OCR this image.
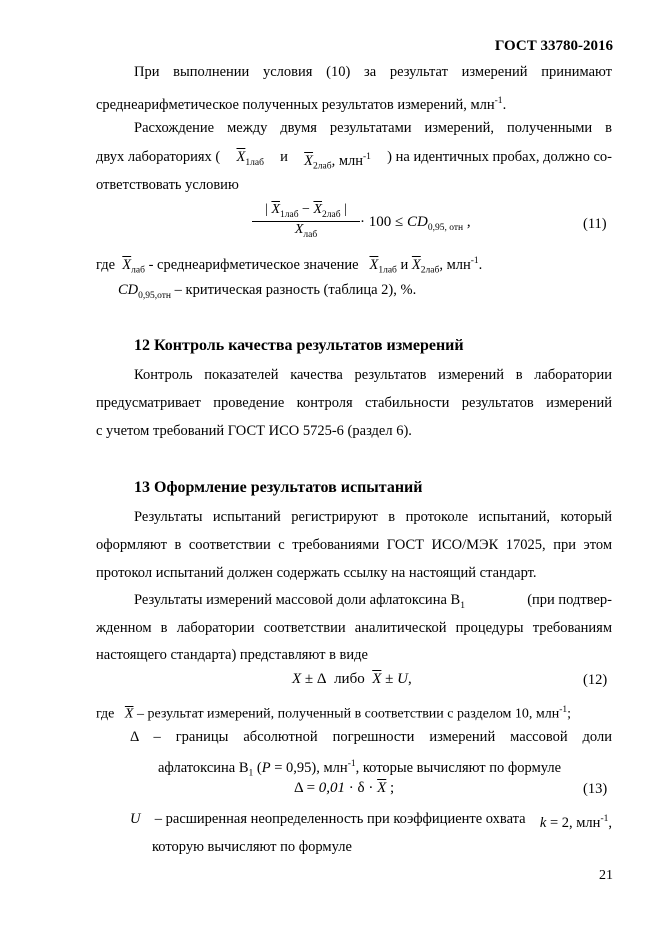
ГОСТ 33780-2016
При выполнении условия (10) за результат измерений принимают
среднеарифметическое полученных результатов измерений, млн$^{-1}$.
Расхождение между двумя результатами измерений, полученными в
двух лабораториях ( $\overline{X}_{1лаб}$ и $\overline{X}_{2лаб}$, млн$^{-1}$ ) на идентичных пробах, должно со-
ответствовать условию
| $\overline{X}_{1лаб} - \overline{X}_{2лаб}$ |
$\overline{X}_{лаб}$
· $100 \le CD_{0,95, отн}$ ,	(11)
где $\overline{X}_{лаб}$ - среднеарифметическое значение $\overline{X}_{1лаб}$ и $\overline{X}_{2лаб}$, млн$^{-1}$.
$CD_{0,95,отн}$ – критическая разность (таблица 2), %.
12 Контроль качества результатов измерений
Контроль показателей качества результатов измерений в лаборатории
предусматривает проведение контроля стабильности результатов измерений
с учетом требований ГОСТ ИСО 5725-6 (раздел 6).
13 Оформление результатов испытаний
Результаты испытаний регистрируют в протоколе испытаний, который
оформляют в соответствии с требованиями ГОСТ ИСО/МЭК 17025, при этом
протокол испытаний должен содержать ссылку на настоящий стандарт.
Результаты измерений массовой доли афлатоксина $В_1$	(при подтвер-
жденном в лаборатории соответствии аналитической процедуры требованиям
настоящего стандарта) представляют в виде
X ± Δ  либо $\overline{X} \pm U$,	(12)
где $\overline{X}$ – результат измерений, полученный в соответствии с разделом 10, млн$^{-1}$;
Δ – границы абсолютной погрешности измерений массовой доли
афлатоксина $В_1$ (P = 0,95), млн$^{-1}$, которые вычисляют по формуле
$\Delta = 0,01 \cdot \delta \cdot \overline{X}$ ;	(13)
U – расширенная неопределенность при коэффициенте охвата k = 2, млн$^{-1}$,
которую вычисляют по формуле
21
